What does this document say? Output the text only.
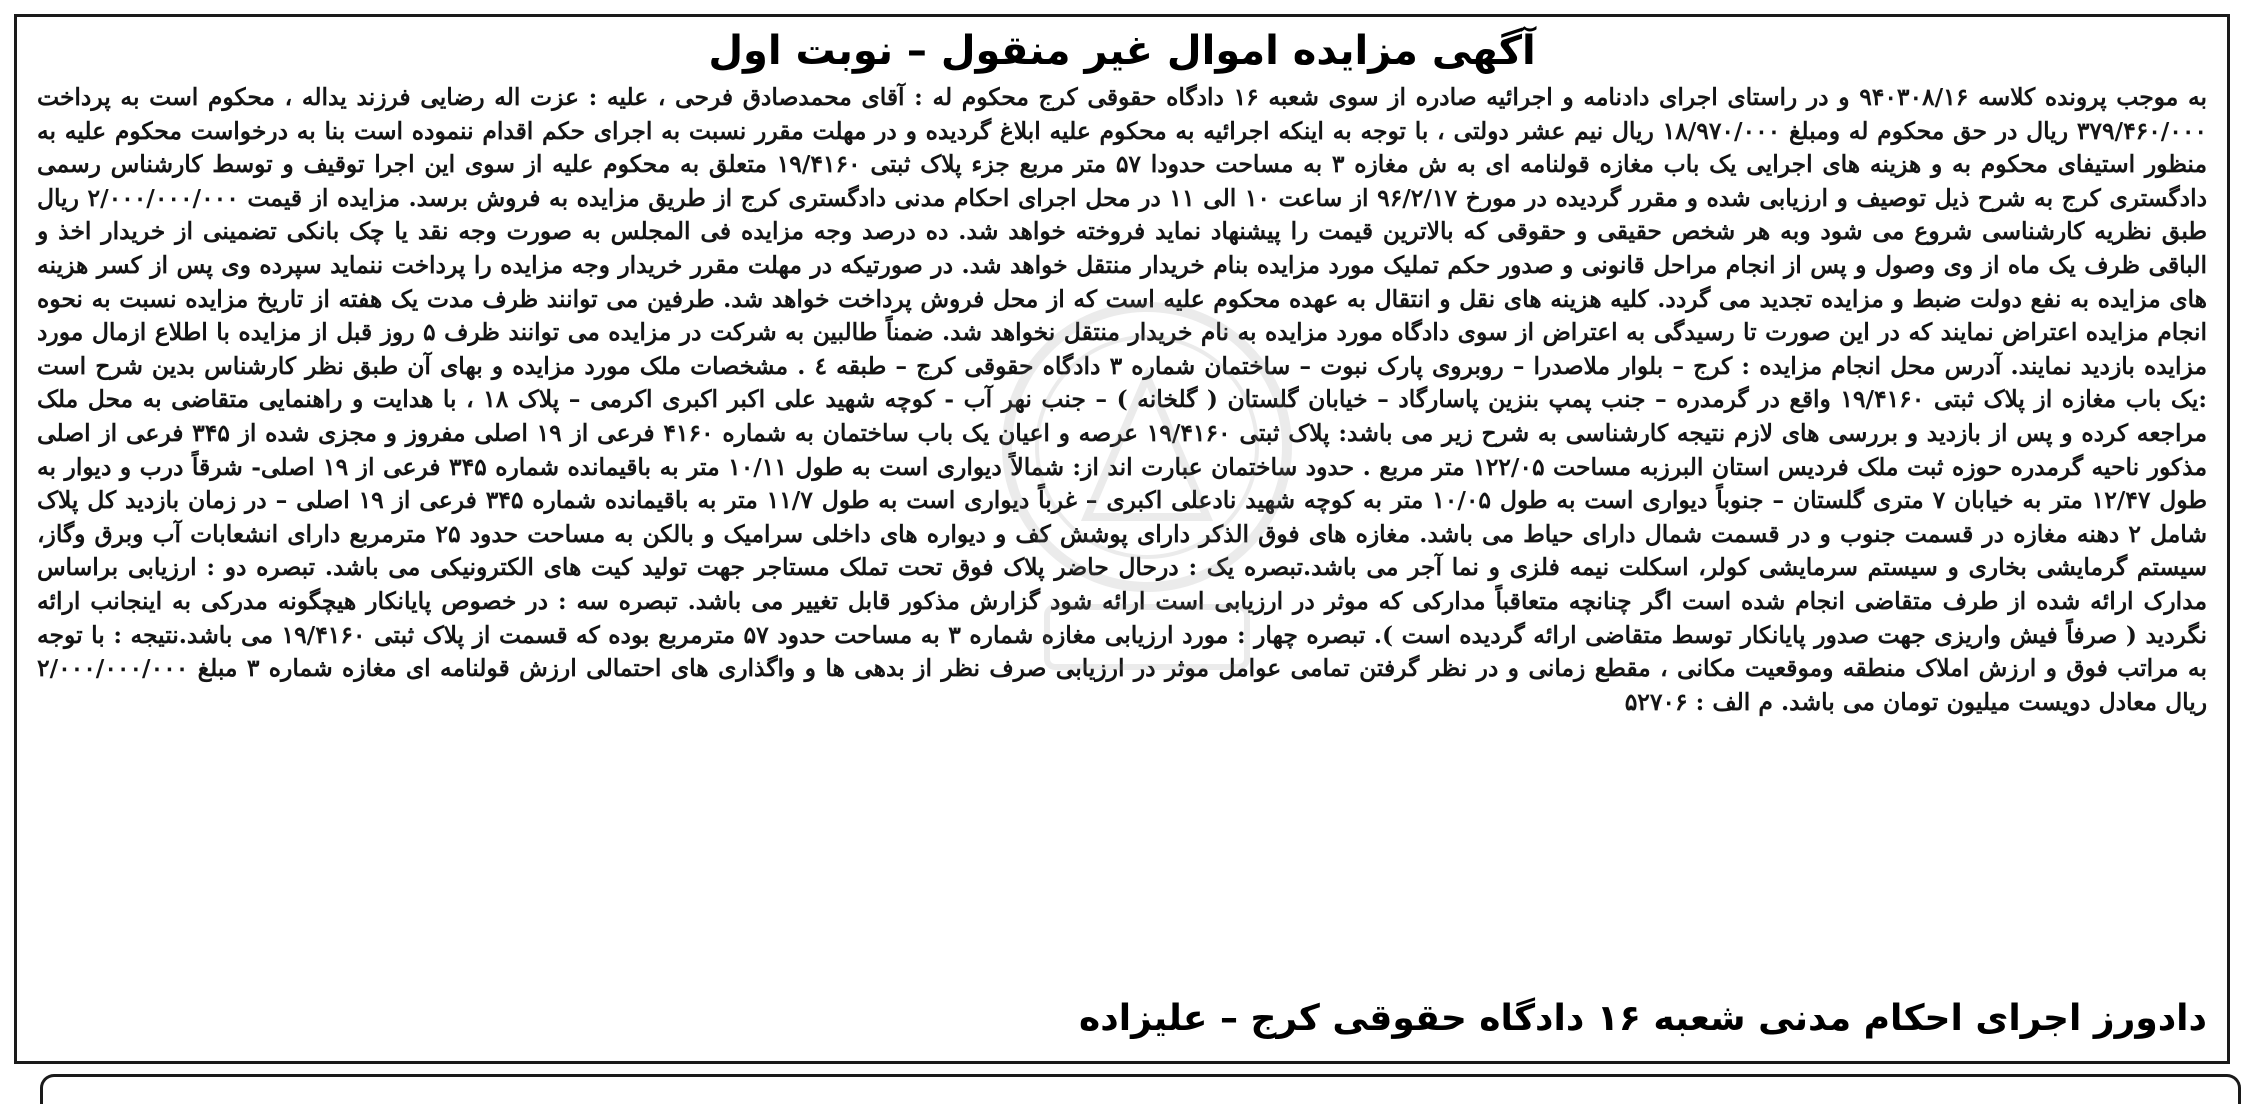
آگهی مزایده اموال غیر منقول – نوبت اول
به موجب پرونده کلاسه ۹۴۰۳۰۸/۱۶ و در راستای اجرای دادنامه و اجرائیه صادره از سوی شعبه ۱۶ دادگاه حقوقی کرج محکوم له : آقای محمدصادق فرحی ، علیه : عزت اله رضایی فرزند یداله ، محکوم است به پرداخت ۳۷۹/۴۶۰/۰۰۰ ریال در حق محکوم له ومبلغ ۱۸/۹۷۰/۰۰۰ ریال نیم عشر دولتی ، با توجه به اینکه اجرائیه به محکوم علیه ابلاغ گردیده و در مهلت مقرر نسبت به اجرای حکم اقدام ننموده است بنا به درخواست محکوم علیه به منظور استیفای محکوم به و هزینه های اجرایی یک باب مغازه قولنامه ای به ش مغازه ۳ به مساحت حدودا ۵۷ متر مربع جزء پلاک ثبتی ۱۹/۴۱۶۰ متعلق به محکوم علیه از سوی این اجرا توقیف و توسط کارشناس رسمی دادگستری کرج به شرح ذیل توصیف و ارزیابی شده و مقرر گردیده در مورخ ۹۶/۲/۱۷ از ساعت ۱۰ الی ۱۱ در محل اجرای احکام مدنی دادگستری کرج از طریق مزایده به فروش برسد. مزایده از قیمت ۲/۰۰۰/۰۰۰/۰۰۰ ریال طبق نظریه کارشناسی شروع می شود وبه هر شخص حقیقی و حقوقی که بالاترین قیمت را پیشنهاد نماید فروخته خواهد شد. ده درصد وجه مزایده فی المجلس به صورت وجه نقد یا چک بانکی تضمینی از خریدار اخذ و الباقی ظرف یک ماه از وی وصول و پس از انجام مراحل قانونی و صدور حکم تملیک مورد مزایده بنام خریدار منتقل خواهد شد. در صورتیکه در مهلت مقرر خریدار وجه مزایده را پرداخت ننماید سپرده وی پس از کسر هزینه های مزایده به نفع دولت ضبط و مزایده تجدید می گردد. کلیه هزینه های نقل و انتقال به عهده محکوم علیه است که از محل فروش پرداخت خواهد شد. طرفین می توانند ظرف مدت یک هفته از تاریخ مزایده نسبت به نحوه انجام مزایده اعتراض نمایند که در این صورت تا رسیدگی به اعتراض از سوی دادگاه مورد مزایده به نام خریدار منتقل نخواهد شد. ضمناً طالبین به شرکت در مزایده می توانند ظرف ۵ روز قبل از مزایده با اطلاع ازمال مورد مزایده بازدید نمایند. آدرس محل انجام مزایده : کرج – بلوار ملاصدرا – روبروی پارک نبوت – ساختمان شماره ۳ دادگاه حقوقی کرج – طبقه ٤ . مشخصات ملک مورد مزایده و بهای آن طبق نظر کارشناس بدین شرح است :یک باب مغازه از پلاک ثبتی ۱۹/۴۱۶۰ واقع در گرمدره – جنب پمپ بنزین پاسارگاد – خیابان گلستان ( گلخانه ) – جنب نهر آب - کوچه شهید علی اکبر اکبری اکرمی – پلاک ۱۸ ، با هدایت و راهنمایی متقاضی به محل ملک مراجعه کرده و پس از بازدید و بررسی های لازم نتیجه کارشناسی به شرح زیر می باشد: پلاک ثبتی ۱۹/۴۱۶۰ عرصه و اعیان یک باب ساختمان به شماره ۴۱۶۰ فرعی از ۱۹ اصلی مفروز و مجزی شده از ۳۴۵ فرعی از اصلی مذکور ناحیه گرمدره حوزه ثبت ملک فردیس استان البرزبه مساحت ۱۲۲/۰۵ متر مربع . حدود ساختمان عبارت اند از: شمالاً دیواری است به طول ۱۰/۱۱ متر به باقیمانده شماره ۳۴۵ فرعی از ۱۹ اصلی- شرقاً درب و دیوار به طول ۱۲/۴۷ متر به خیابان ۷ متری گلستان – جنوباً دیواری است به طول ۱۰/۰۵ متر به کوچه شهید نادعلی اکبری – غرباً دیواری است به طول ۱۱/۷ متر به باقیمانده شماره ۳۴۵ فرعی از ۱۹ اصلی – در زمان بازدید کل پلاک شامل ۲ دهنه مغازه در قسمت جنوب و در قسمت شمال دارای حیاط می باشد. مغازه های فوق الذکر دارای پوشش کف و دیواره های داخلی سرامیک و بالکن به مساحت حدود ۲۵ مترمربع دارای انشعابات آب وبرق وگاز، سیستم گرمایشی بخاری و سیستم سرمایشی کولر، اسکلت نیمه فلزی و نما آجر می باشد.تبصره یک : درحال حاضر پلاک فوق تحت تملک مستاجر جهت تولید کیت های الکترونیکی می باشد. تبصره دو : ارزیابی براساس مدارک ارائه شده از طرف متقاضی انجام شده است اگر چنانچه متعاقباً مدارکی که موثر در ارزیابی است ارائه شود گزارش مذکور قابل تغییر می باشد. تبصره سه : در خصوص پایانکار هیچگونه مدرکی به اینجانب ارائه نگردید ( صرفاً فیش واریزی جهت صدور پایانکار توسط متقاضی ارائه گردیده است ). تبصره چهار : مورد ارزیابی مغازه شماره ۳ به مساحت حدود ۵۷ مترمربع بوده که قسمت از پلاک ثبتی ۱۹/۴۱۶۰ می باشد.نتیجه : با توجه به مراتب فوق و ارزش املاک منطقه وموقعیت مکانی ، مقطع زمانی و در نظر گرفتن تمامی عوامل موثر در ارزیابی صرف نظر از بدهی ها و واگذاری های احتمالی ارزش قولنامه ای مغازه شماره ۳ مبلغ ۲/۰۰۰/۰۰۰/۰۰۰ ریال معادل دویست میلیون تومان می باشد. م الف : ۵۲۷۰۶
دادورز اجرای احکام مدنی شعبه ۱۶ دادگاه حقوقی کرج – علیزاده
